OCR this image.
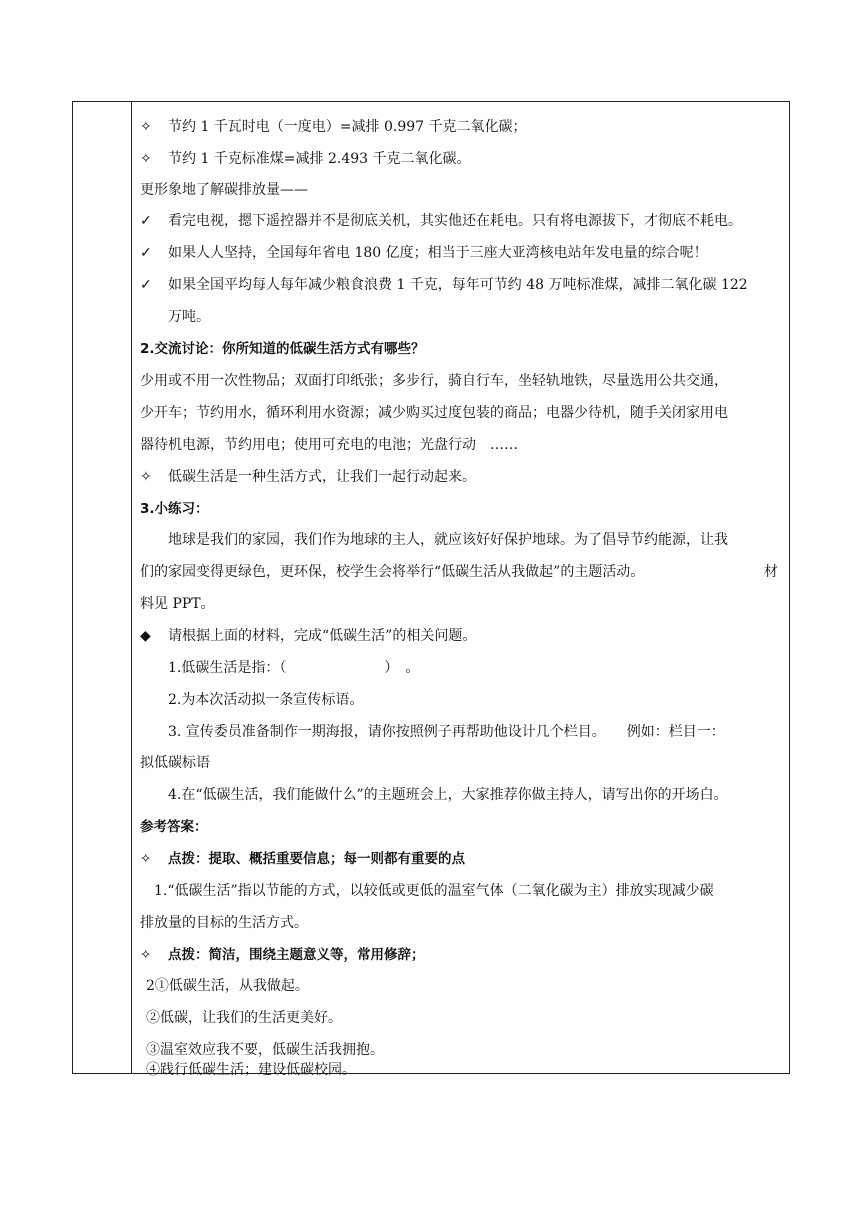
✧ 节约 1 千瓦时电（一度电）=减排 0.997 千克二氧化碳；
✧ 节约 1 千克标准煤=减排 2.493 千克二氧化碳。
更形象地了解碳排放量——
✓ 看完电视，摁下遥控器并不是彻底关机，其实他还在耗电。只有将电源拔下，才彻底不耗电。
✓ 如果人人坚持，全国每年省电 180 亿度；相当于三座大亚湾核电站年发电量的综合呢！
✓ 如果全国平均每人每年减少粮食浪费 1 千克，每年可节约 48 万吨标准煤，减排二氧化碳 122
万吨。
2.交流讨论：你所知道的低碳生活方式有哪些？
少用或不用一次性物品；双面打印纸张；多步行，骑自行车，坐轻轨地铁，尽量选用公共交通，
少开车；节约用水，循环利用水资源；减少购买过度包装的商品；电器少待机，随手关闭家用电
器待机电源，节约用电；使用可充电的电池；光盘行动　……
✧ 低碳生活是一种生活方式，让我们一起行动起来。
3.小练习：
地球是我们的家园，我们作为地球的主人，就应该好好保护地球。为了倡导节约能源，让我
们的家园变得更绿色，更环保，校学生会将举行“低碳生活从我做起”的主题活动。	材
料见 PPT。
◆ 请根据上面的材料，完成“低碳生活”的相关问题。
1.低碳生活是指：（　　　　　　　）　。
2.为本次活动拟一条宣传标语。
3. 宣传委员准备制作一期海报，请你按照例子再帮助他设计几个栏目。　　例如：栏目一：
拟低碳标语
4.在“低碳生活，我们能做什么”的主题班会上，大家推荐你做主持人，请写出你的开场白。
参考答案：
✧ 点拨：提取、概括重要信息；每一则都有重要的点
1.“低碳生活”指以节能的方式，以较低或更低的温室气体（二氧化碳为主）排放实现减少碳
排放量的目标的生活方式。
✧ 点拨：简洁，围绕主题意义等，常用修辞；
2①低碳生活，从我做起。
②低碳，让我们的生活更美好。
③温室效应我不要，低碳生活我拥抱。
④践行低碳生活；建设低碳校园。
